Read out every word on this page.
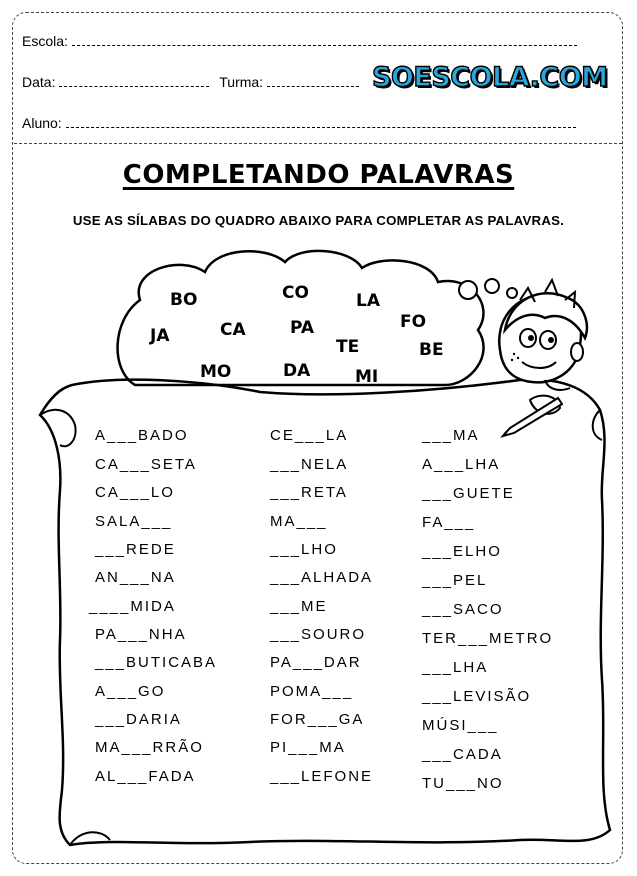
Escola:
Data:	Turma:
Aluno:
SOESCOLA.COM
COMPLETANDO PALAVRAS
USE AS SÍLABAS DO QUADRO ABAIXO PARA COMPLETAR AS PALAVRAS.
BO	CO	LA
FO
JA	CA	PA
TE	BE
MO	DA	MI
A___BADO
CA___SETA
CA___LO
SALA___
___REDE
AN___NA
____MIDA
PA___NHA
___BUTICABA
A___GO
___DARIA
MA___RRÃO
AL___FADA
CE___LA
___NELA
___RETA
MA___
___LHO
___ALHADA
___ME
___SOURO
PA___DAR
POMA___
FOR___GA
PI___MA
___LEFONE
___MA
A___LHA
___GUETE
FA___
___ELHO
___PEL
___SACO
TER___METRO
___LHA
___LEVISÃO
MÚSI___
___CADA
TU___NO
